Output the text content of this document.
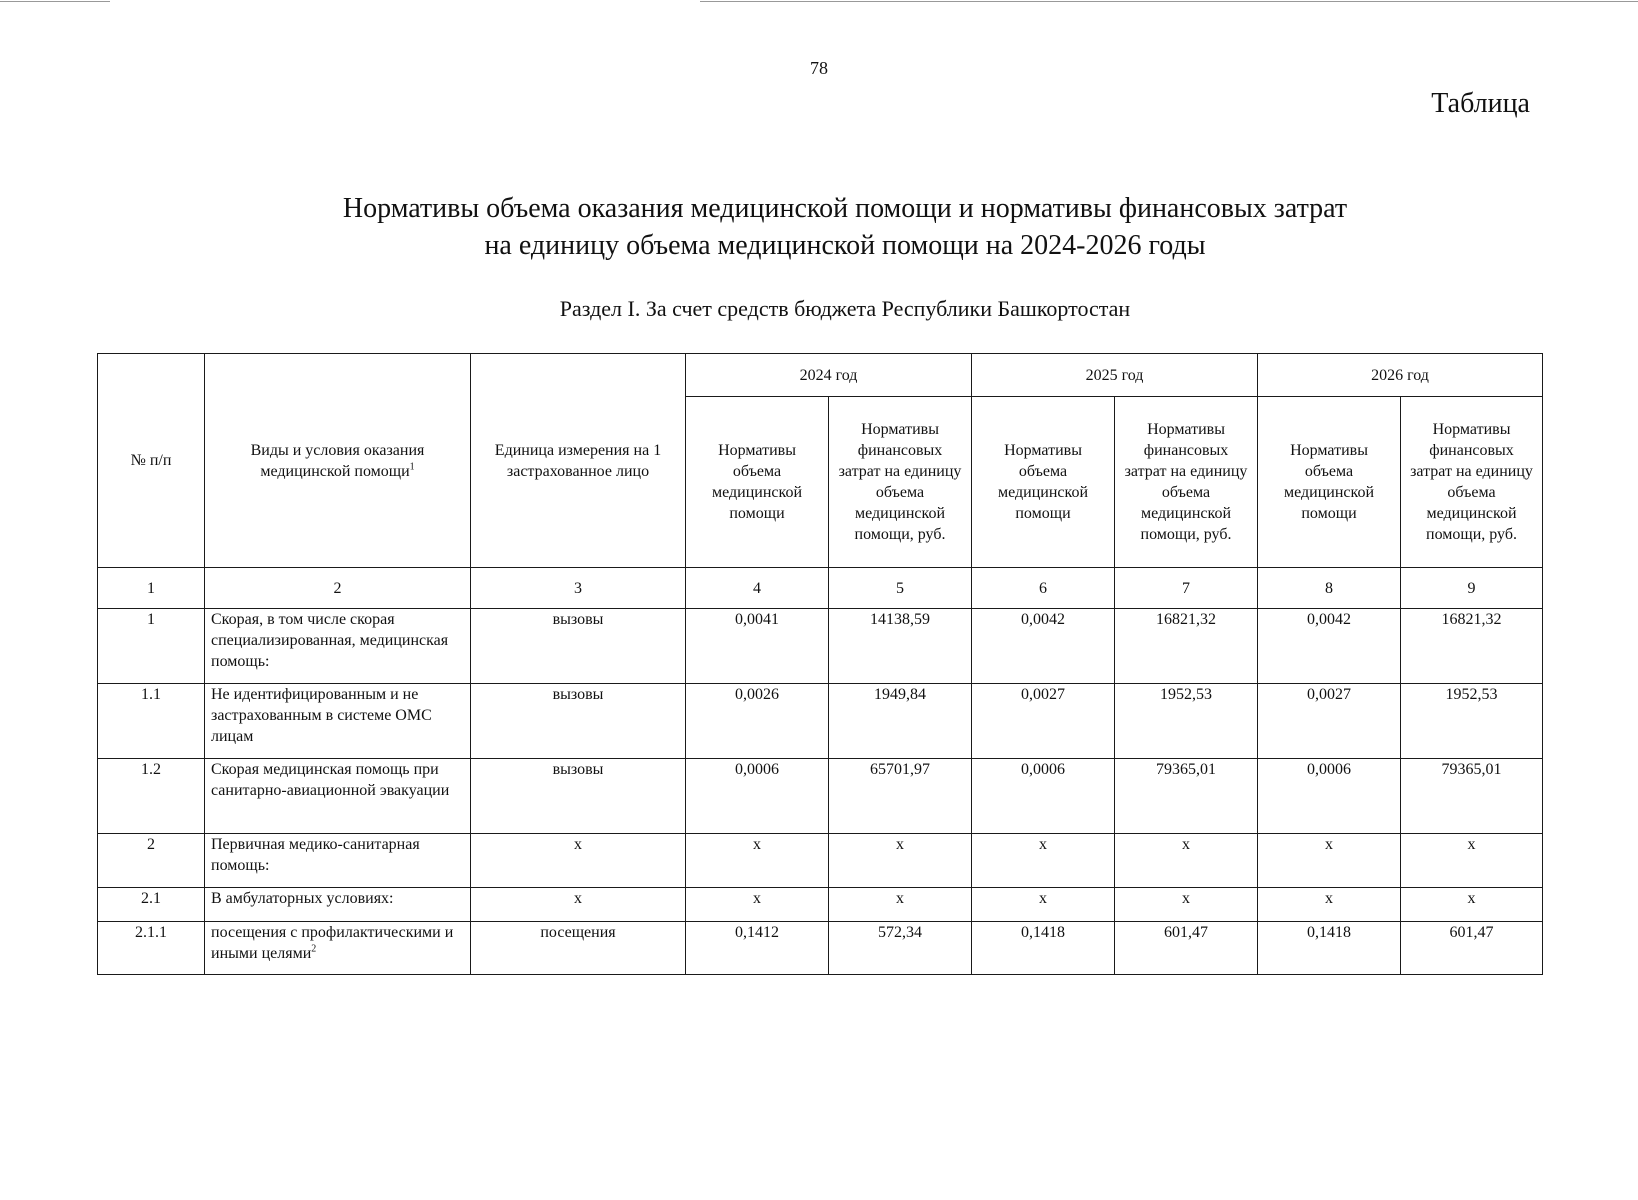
78
Таблица
Нормативы объема оказания медицинской помощи и нормативы финансовых затрат
на единицу объема медицинской помощи на 2024-2026 годы
Раздел I. За счет средств бюджета Республики Башкортостан
№ п/п	Виды и условия оказания медицинской помощи$^1$	Единица измерения на 1 застрахованное лицо	2024 год		2025 год		2026 год	
			Нормативы объема медицинской помощи	Нормативы финансовых затрат на единицу объема медицинской помощи, руб.	Нормативы объема медицинской помощи	Нормативы финансовых затрат на единицу объема медицинской помощи, руб.	Нормативы объема медицинской помощи	Нормативы финансовых затрат на единицу объема медицинской помощи, руб.
1	2	3	4	5	6	7	8	9
1	Скорая, в том числе скорая специализированная, медицинская помощь:	вызовы	0,0041	14138,59	0,0042	16821,32	0,0042	16821,32
1.1	Не идентифицированным и не застрахованным в системе ОМС лицам	вызовы	0,0026	1949,84	0,0027	1952,53	0,0027	1952,53
1.2	Скорая медицинская помощь при санитарно-авиационной эвакуации	вызовы	0,0006	65701,97	0,0006	79365,01	0,0006	79365,01
2	Первичная медико-санитарная помощь:	х	х	х	х	х	х	х
2.1	В амбулаторных условиях:	х	х	х	х	х	х	х
2.1.1	посещения с профилактическими и иными целями$^2$	посещения	0,1412	572,34	0,1418	601,47	0,1418	601,47
